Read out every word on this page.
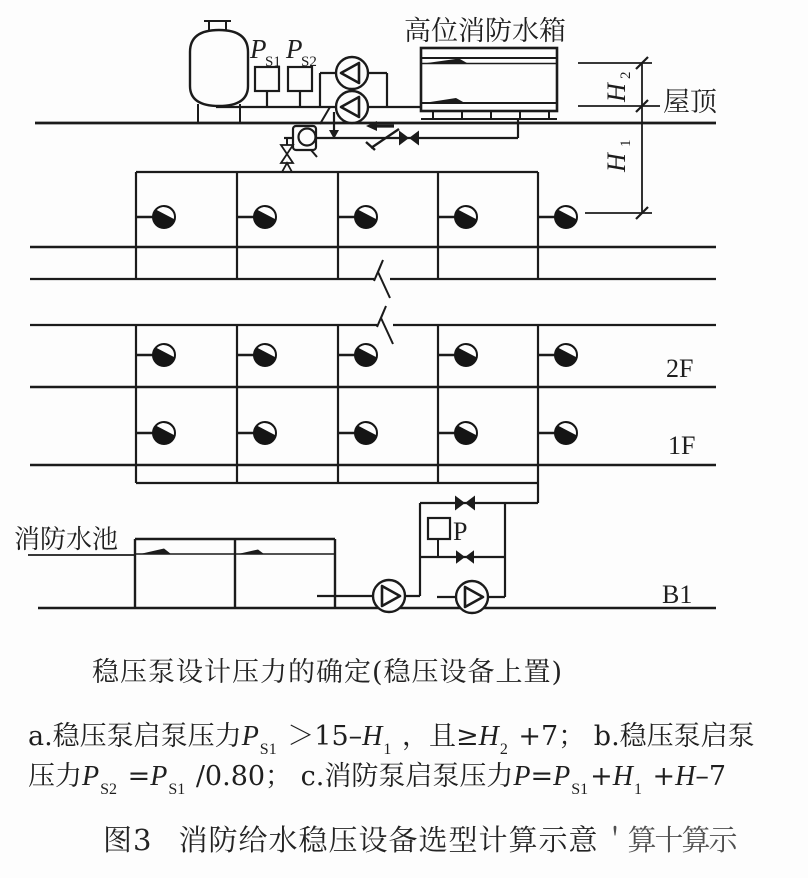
H
2
H
1
高位消防水箱
屋顶
2F
1F
B1
消防水池	P
P
S1 P
S2
稳压泵设计压力的确定(稳压设备上置)
a.稳压泵启泵压力$P_{S1} >15-H_1$ ，且$\ge H_2 +7$； b.稳压泵启泵
压力$P_{S2} =P_{S1}$ /0.80； c.消防泵启泵压力$P=P_{S1}+H_1 +H-7$
图3 消防给水稳压设备选型计算示意＇算十算示
